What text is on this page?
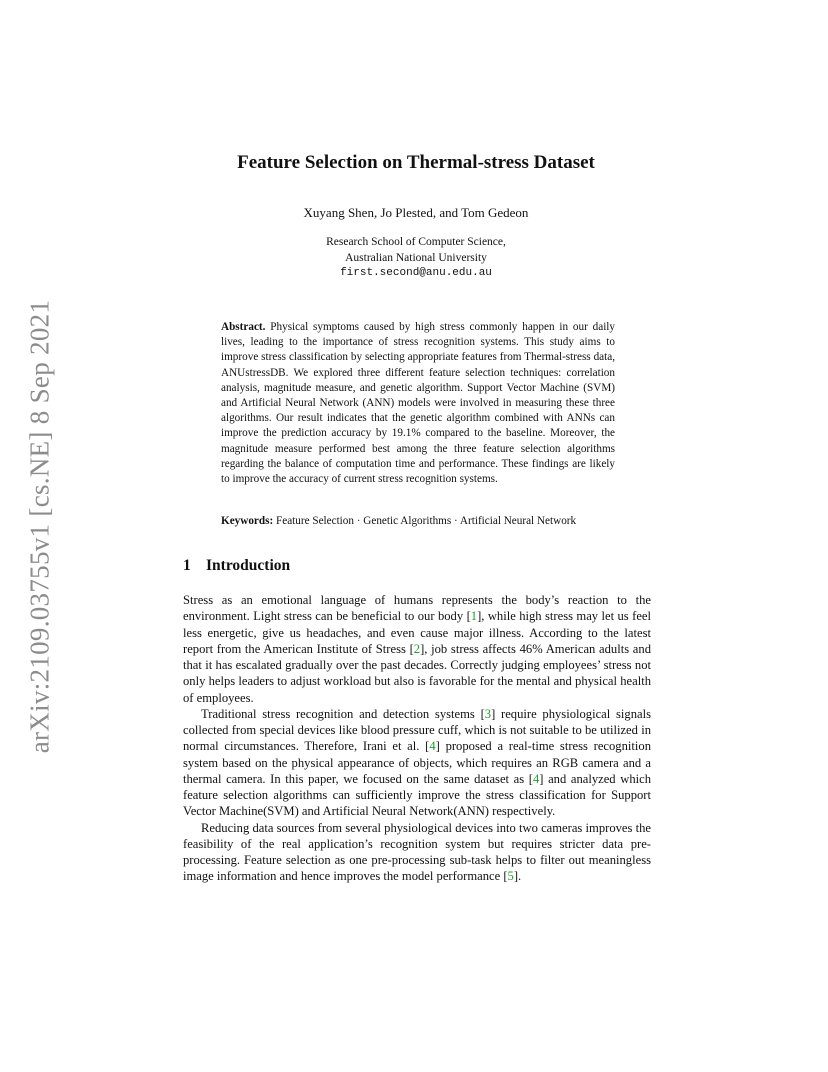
arXiv:2109.03755v1 [cs.NE] 8 Sep 2021
Feature Selection on Thermal-stress Dataset
Xuyang Shen, Jo Plested, and Tom Gedeon
Research School of Computer Science,
Australian National University
first.second@anu.edu.au
Abstract. Physical symptoms caused by high stress commonly happen in our daily lives, leading to the importance of stress recognition systems. This study aims to improve stress classification by selecting appropriate features from Thermal-stress data, ANUstressDB. We explored three different feature selection techniques: correlation analysis, magnitude measure, and genetic algorithm. Support Vector Machine (SVM) and Artificial Neural Network (ANN) models were involved in measuring these three algorithms. Our result indicates that the genetic algorithm combined with ANNs can improve the prediction accuracy by 19.1% compared to the baseline. Moreover, the magnitude measure performed best among the three feature selection algorithms regarding the balance of computation time and performance. These findings are likely to improve the accuracy of current stress recognition systems.
Keywords: Feature Selection · Genetic Algorithms · Artificial Neural Network
1 Introduction

Stress as an emotional language of humans represents the body’s reaction to the environment. Light stress can be beneficial to our body [ 1 ] , while high stress may let us feel less energetic, give us headaches, and even cause major illness. According to the latest report from the American Institute of Stress [ 2 ] , job stress affects 46% American adults and that it has escalated gradually over the past decades. Correctly judging employees’ stress not only helps leaders to adjust workload but also is favorable for the mental and physical health of employees.

Traditional stress recognition and detection systems [ 3 ] require physiological signals collected from special devices like blood pressure cuff, which is not suitable to be utilized in normal circumstances. Therefore, Irani et al. [ 4 ] proposed a real-time stress recognition system based on the physical appearance of objects, which requires an RGB camera and a thermal camera. In this paper, we focused on the same dataset as [ 4 ] and analyzed which feature selection algorithms can sufficiently improve the stress classification for Support Vector Machine(SVM) and Artificial Neural Network(ANN) respectively.

Reducing data sources from several physiological devices into two cameras improves the feasibility of the real application’s recognition system but requires stricter data pre-processing. Feature selection as one pre-processing sub-task helps to filter out meaningless image information and hence improves the model performance [ 5 ] .
